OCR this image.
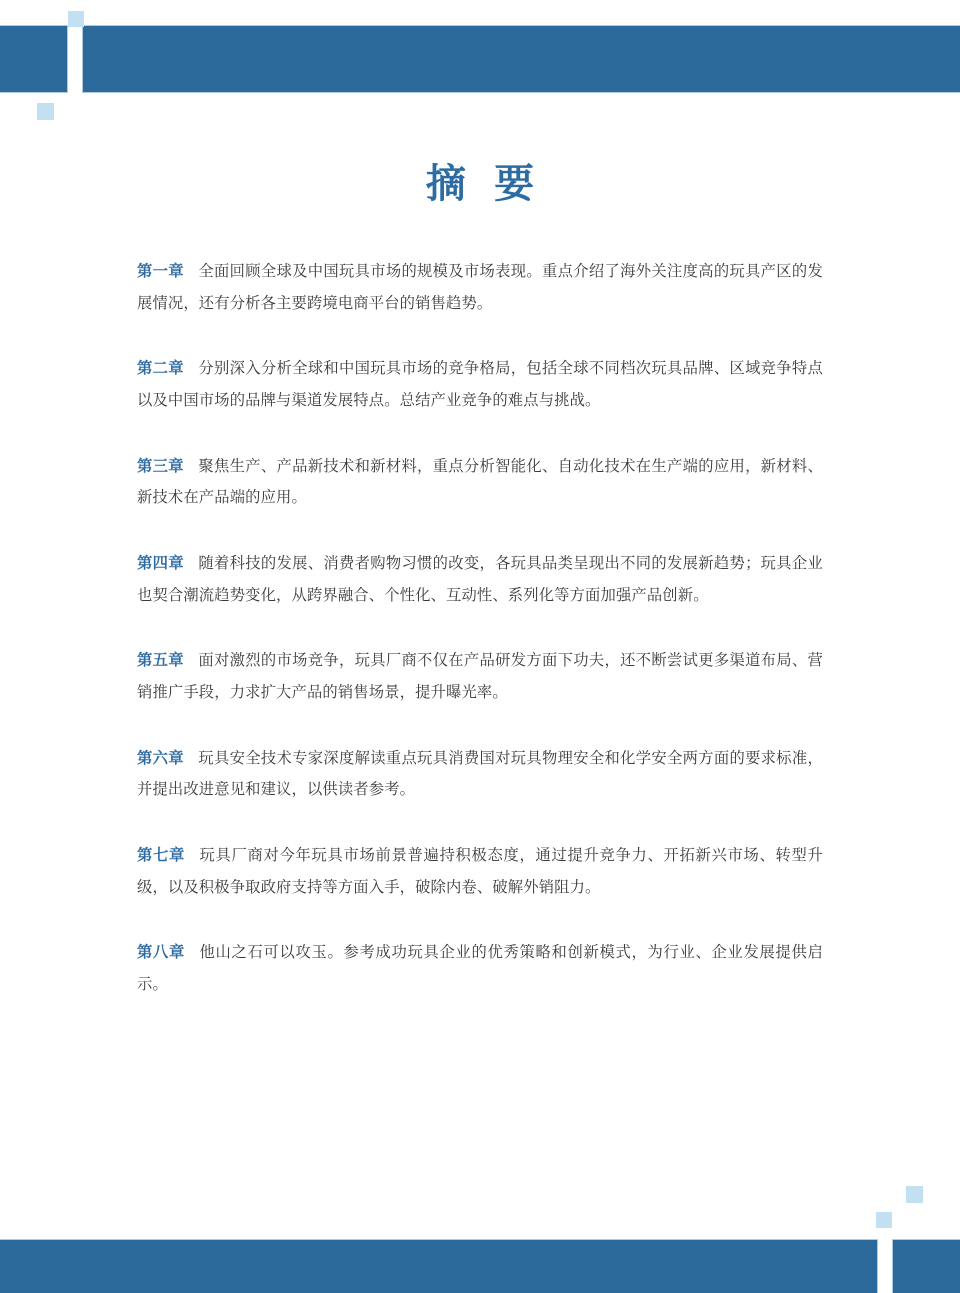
摘 要

第一章 全面回顾全球及中国玩具市场的规模及市场表现。重点介绍了海外关注度高的玩具产区的发展情况，还有分析各主要跨境电商平台的销售趋势。

第二章 分别深入分析全球和中国玩具市场的竞争格局，包括全球不同档次玩具品牌、区域竞争特点以及中国市场的品牌与渠道发展特点。总结产业竞争的难点与挑战。

第三章 聚焦生产、产品新技术和新材料，重点分析智能化、自动化技术在生产端的应用，新材料、新技术在产品端的应用。

第四章 随着科技的发展、消费者购物习惯的改变，各玩具品类呈现出不同的发展新趋势；玩具企业也契合潮流趋势变化，从跨界融合、个性化、互动性、系列化等方面加强产品创新。

第五章 面对激烈的市场竞争，玩具厂商不仅在产品研发方面下功夫，还不断尝试更多渠道布局、营销推广手段，力求扩大产品的销售场景，提升曝光率。

第六章 玩具安全技术专家深度解读重点玩具消费国对玩具物理安全和化学安全两方面的要求标准，并提出改进意见和建议，以供读者参考。

第七章 玩具厂商对今年玩具市场前景普遍持积极态度，通过提升竞争力、开拓新兴市场、转型升级，以及积极争取政府支持等方面入手，破除内卷、破解外销阻力。

第八章 他山之石可以攻玉。参考成功玩具企业的优秀策略和创新模式，为行业、企业发展提供启示。
